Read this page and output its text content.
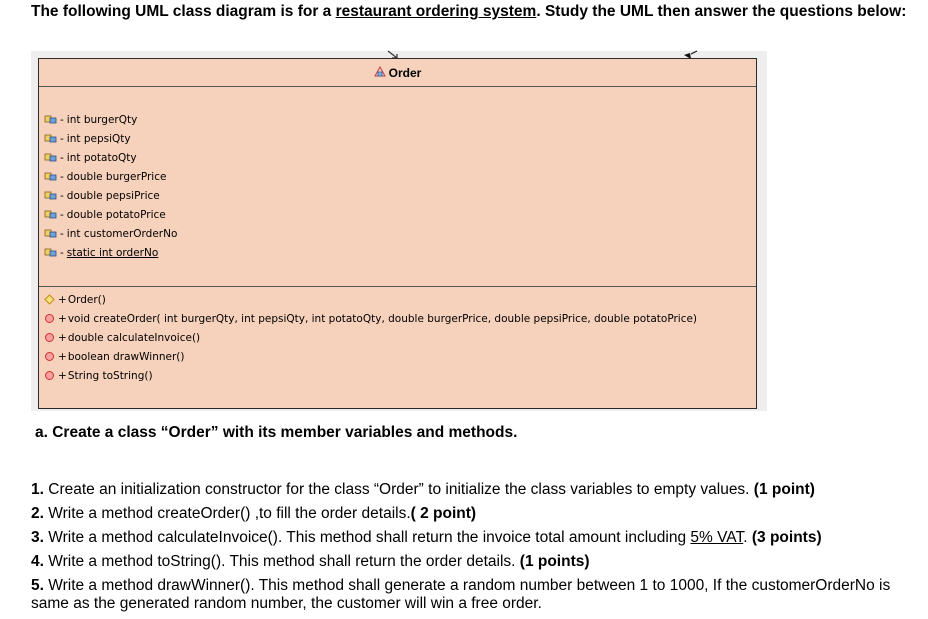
The following UML class diagram is for a restaurant ordering system. Study the UML then answer the questions below:
Order
- int burgerQty
- int pepsiQty
- int potatoQty
- double burgerPrice
- double pepsiPrice
- double potatoPrice
- int customerOrderNo
- static int orderNo
+ Order()
+ void createOrder( int burgerQty, int pepsiQty, int potatoQty, double burgerPrice, double pepsiPrice, double potatoPrice)
+ double calculateInvoice()
+ boolean drawWinner()
+ String toString()
a. Create a class “Order” with its member variables and methods.
1. Create an initialization constructor for the class “Order” to initialize the class variables to empty values. (1 point)
2. Write a method createOrder() ,to fill the order details.( 2 point)
3. Write a method calculateInvoice(). This method shall return the invoice total amount including 5% VAT. (3 points)
4. Write a method toString(). This method shall return the order details. (1 points)
5. Write a method drawWinner(). This method shall generate a random number between 1 to 1000, If the customerOrderNo is same as the generated random number, the customer will win a free order.
